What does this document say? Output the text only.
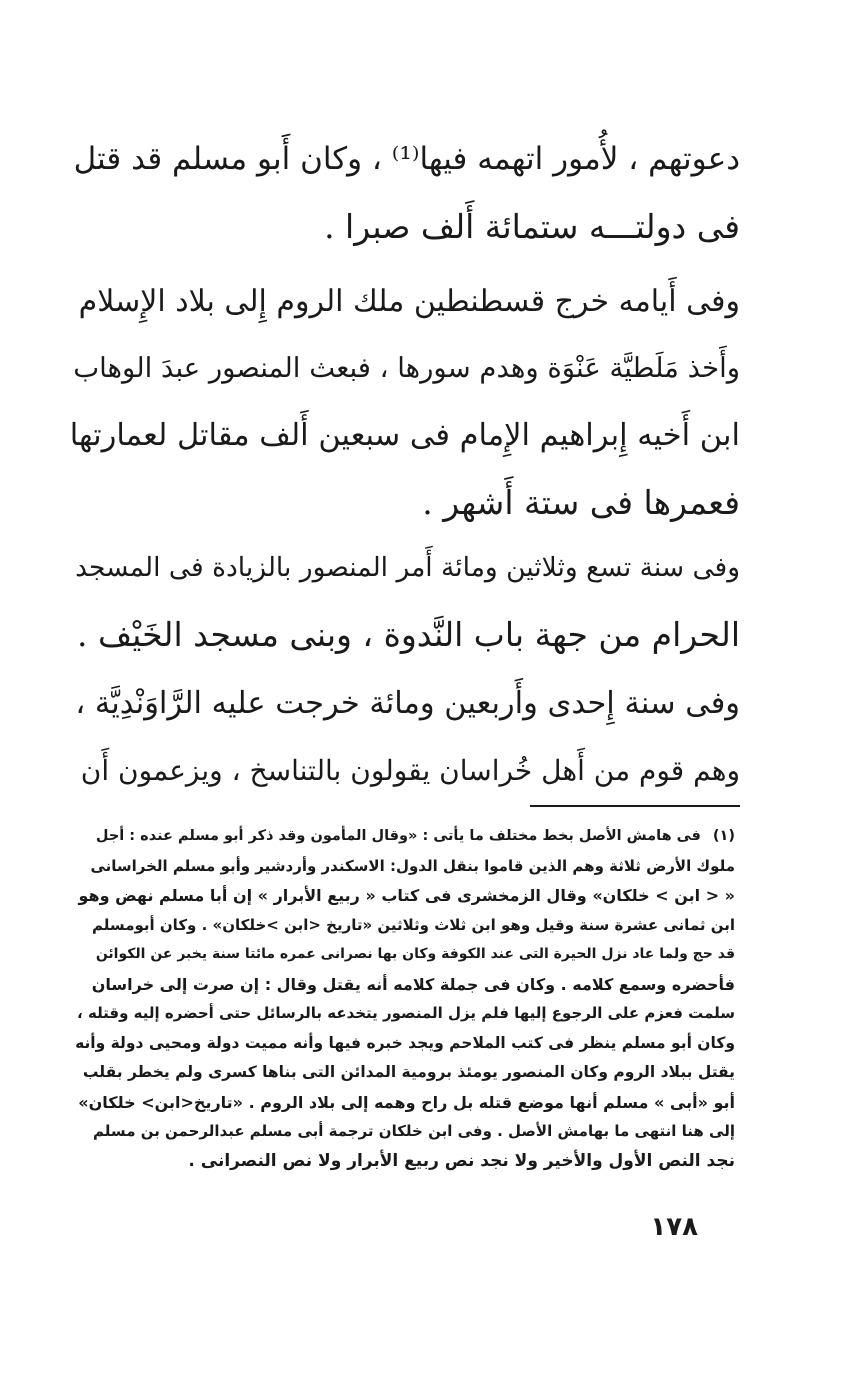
دعوتهم ، لأُمور اتهمه فيها⁽¹⁾ ، وكان أَبو مسلم قد قتل
فى دولتـــه ستمائة أَلف صبرا .
وفى أَيامه خرج قسطنطين ملك الروم إِلى بلاد الإِسلام
وأَخذ مَلَطيَّة عَنْوَة وهدم سورها ، فبعث المنصور عبدَ الوهاب
ابن أَخيه إِبراهيم الإِمام فى سبعين أَلف مقاتل لعمارتها
فعمرها فى ستة أَشهر .
وفى سنة تسع وثلاثين ومائة أَمر المنصور بالزيادة فى المسجد
الحرام من جهة باب النَّدوة ، وبنى مسجد الخَيْف .
وفى سنة إِحدى وأَربعين ومائة خرجت عليه الرَّاوَنْدِيَّة ،
وهم قوم من أَهل خُراسان يقولون بالتناسخ ، ويزعمون أَن
(١)فى هامش الأصل بخط مختلف ما يأتى : «وقال المأمون وقد ذكر أبو مسلم عنده : أجل
ملوك الأرض ثلاثة وهم الذين قاموا بنقل الدول: الاسكندر وأردشير وأبو مسلم الخراسانى
« < ابن > خلكان» وقال الزمخشرى فى كتاب « ربيع الأبرار » إن أبا مسلم نهض وهو
ابن ثمانى عشرة سنة وقيل وهو ابن ثلاث وثلاثين «تاريخ <ابن >خلكان» . وكان أبومسلم
قد حج ولما عاد نزل الحيرة التى عند الكوفة وكان بها نصرانى عمره مائتا سنة يخبر عن الكوائن
فأحضره وسمع كلامه . وكان فى جملة كلامه أنه يقتل وقال : إن صرت إلى خراسان
سلمت فعزم على الرجوع إليها فلم يزل المنصور يتخدعه بالرسائل حتى أحضره إليه وقتله ،
وكان أبو مسلم ينظر فى كتب الملاحم ويجد خبره فيها وأنه مميت دولة ومحيى دولة وأنه
يقتل ببلاد الروم وكان المنصور يومئذ برومية المدائن التى بناها كسرى ولم يخطر بقلب
أبو «أبى » مسلم أنها موضع قتله بل راح وهمه إلى بلاد الروم . «تاريخ<ابن> خلكان»
إلى هنا انتهى ما بهامش الأصل . وفى ابن خلكان ترجمة أبى مسلم عبدالرحمن بن مسلم
نجد النص الأول والأخير ولا نجد نص ربيع الأبرار ولا نص النصرانى .
١٧٨
